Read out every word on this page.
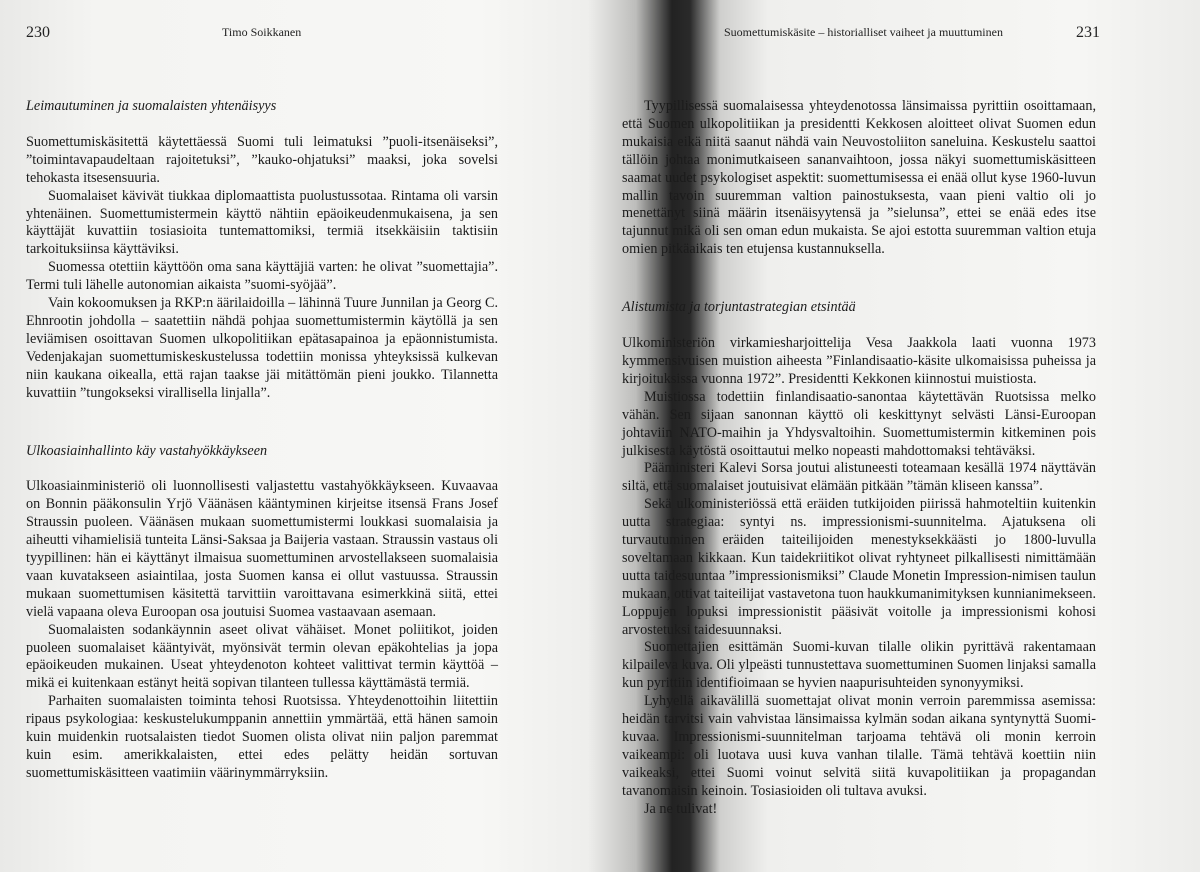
230	Timo Soikkanen
Leimautuminen ja suomalaisten yhtenäisyys

Suomettumiskäsitettä käytettäessä Suomi tuli leimatuksi ”puoli-itsenäiseksi”, ”toimintavapaudeltaan rajoitetuksi”, ”kauko-ohjatuksi” maaksi, joka sovelsi tehokasta itsesensuuria.

Suomalaiset kävivät tiukkaa diplomaattista puolustussotaa. Rintama oli varsin yhtenäinen. Suomettumistermein käyttö nähtiin epäoikeudenmukaisena, ja sen käyttäjät kuvattiin tosiasioita tuntemattomiksi, termiä itsekkäisiin taktisiin tarkoituksiinsa käyttäviksi.

Suomessa otettiin käyttöön oma sana käyttäjiä varten: he olivat ”suomettajia”. Termi tuli lähelle autonomian aikaista ”suomi-syöjää”.

Vain kokoomuksen ja RKP:n äärilaidoilla – lähinnä Tuure Junnilan ja Georg C. Ehnrootin johdolla – saatettiin nähdä pohjaa suomettumistermin käytöllä ja sen leviämisen osoittavan Suomen ulkopolitiikan epätasapainoa ja epäonnistumista. Vedenjakajan suomettumiskeskustelussa todettiin monissa yhteyksissä kulkevan niin kaukana oikealla, että rajan taakse jäi mitättömän pieni joukko. Tilannetta kuvattiin ”tungokseksi virallisella linjalla”.

Ulkoasiainhallinto käy vastahyökkäykseen

Ulkoasiainministeriö oli luonnollisesti valjastettu vastahyökkäykseen. Kuvaavaa on Bonnin pääkonsulin Yrjö Väänäsen kääntyminen kirjeitse itsensä Frans Josef Straussin puoleen. Väänäsen mukaan suomettumistermi loukkasi suomalaisia ja aiheutti vihamielisiä tunteita Länsi-Saksaa ja Baijeria vastaan. Straussin vastaus oli tyypillinen: hän ei käyttänyt ilmaisua suomettuminen arvostellakseen suomalaisia vaan kuvatakseen asiaintilaa, josta Suomen kansa ei ollut vastuussa. Straussin mukaan suomettumisen käsitettä tarvittiin varoittavana esimerkkinä siitä, ettei vielä vapaana oleva Euroopan osa joutuisi Suomea vastaavaan asemaan.

Suomalaisten sodankäynnin aseet olivat vähäiset. Monet poliitikot, joiden puoleen suomalaiset kääntyivät, myönsivät termin olevan epäkohtelias ja jopa epäoikeuden mukainen. Useat yhteydenoton kohteet valittivat termin käyttöä – mikä ei kuitenkaan estänyt heitä sopivan tilanteen tullessa käyttämästä termiä.

Parhaiten suomalaisten toiminta tehosi Ruotsissa. Yhteydenottoihin liitettiin ripaus psykologiaa: keskustelukumppanin annettiin ymmärtää, että hänen samoin kuin muidenkin ruotsalaisten tiedot Suomen olista olivat niin paljon paremmat kuin esim. amerikkalaisten, ettei edes pelätty heidän sortuvan suomettumiskäsitteen vaatimiin väärinymmärryksiin.

Suomettumiskäsite – historialliset vaiheet ja muuttuminen	231

Tyypillisessä suomalaisessa yhteydenotossa länsimaissa pyrittiin osoittamaan, että Suomen ulkopolitiikan ja presidentti Kekkosen aloitteet olivat Suomen edun mukaisia eikä niitä saanut nähdä vain Neuvostoliiton saneluina. Keskustelu saattoi tällöin johtaa monimutkaiseen sananvaihtoon, jossa näkyi suomettumiskäsitteen saamat uudet psykologiset aspektit: suomettumisessa ei enää ollut kyse 1960-luvun mallin tavoin suuremman valtion painostuksesta, vaan pieni valtio oli jo menettänyt siinä määrin itsenäisyytensä ja ”sielunsa”, ettei se enää edes itse tajunnut mikä oli sen oman edun mukaista. Se ajoi estotta suuremman valtion etuja omien pitkäaikais ten etujensa kustannuksella.

Alistumista ja torjuntastrategian etsintää

Ulkoministeriön virkamiesharjoittelija Vesa Jaakkola laati vuonna 1973 kymmensivuisen muistion aiheesta ”Finlandisaatio-käsite ulkomaisissa puheissa ja kirjoituksissa vuonna 1972”. Presidentti Kekkonen kiinnostui muistiosta.

Muistiossa todettiin finlandisaatio-sanontaa käytettävän Ruotsissa melko vähän. Sen sijaan sanonnan käyttö oli keskittynyt selvästi Länsi-Euroopan johtaviin NATO-maihin ja Yhdysvaltoihin. Suomettumistermin kitkeminen pois julkisesta käytöstä osoittautui melko nopeasti mahdottomaksi tehtäväksi.

Pääministeri Kalevi Sorsa joutui alistuneesti toteamaan kesällä 1974 näyttävän siltä, että suomalaiset joutuisivat elämään pitkään ”tämän kliseen kanssa”.

Sekä ulkoministeriössä että eräiden tutkijoiden piirissä hahmoteltiin kuitenkin uutta strategiaa: syntyi ns. impressionismi-suunnitelma. Ajatuksena oli turvautuminen eräiden taiteilijoiden menestyksekkäästi jo 1800-luvulla soveltamaan kikkaan. Kun taidekriitikot olivat ryhtyneet pilkallisesti nimittämään uutta taidesuuntaa ”impressionismiksi” Claude Monetin Impression-nimisen taulun mukaan, ottivat taiteilijat vastavetona tuon haukkumanimityksen kunnianimekseen. Loppujen lopuksi impressionistit pääsivät voitolle ja impressionismi kohosi arvostetuksi taidesuunnaksi.

Suomettajien esittämän Suomi-kuvan tilalle olikin pyrittävä rakentamaan kilpaileva kuva. Oli ylpeästi tunnustettava suomettuminen Suomen linjaksi samalla kun pyrittiin identifioimaan se hyvien naapurisuhteiden synonyymiksi.

Lyhyellä aikavälillä suomettajat olivat monin verroin paremmissa asemissa: heidän tarvitsi vain vahvistaa länsimaissa kylmän sodan aikana syntynyttä Suomi-kuvaa. Impressionismi-suunnitelman tarjoama tehtävä oli monin kerroin vaikeampi: oli luotava uusi kuva vanhan tilalle. Tämä tehtävä koettiin niin vaikeaksi, ettei Suomi voinut selvitä siitä kuvapolitiikan ja propagandan tavanomaisin keinoin. Tosiasioiden oli tultava avuksi.

Ja ne tulivat!
